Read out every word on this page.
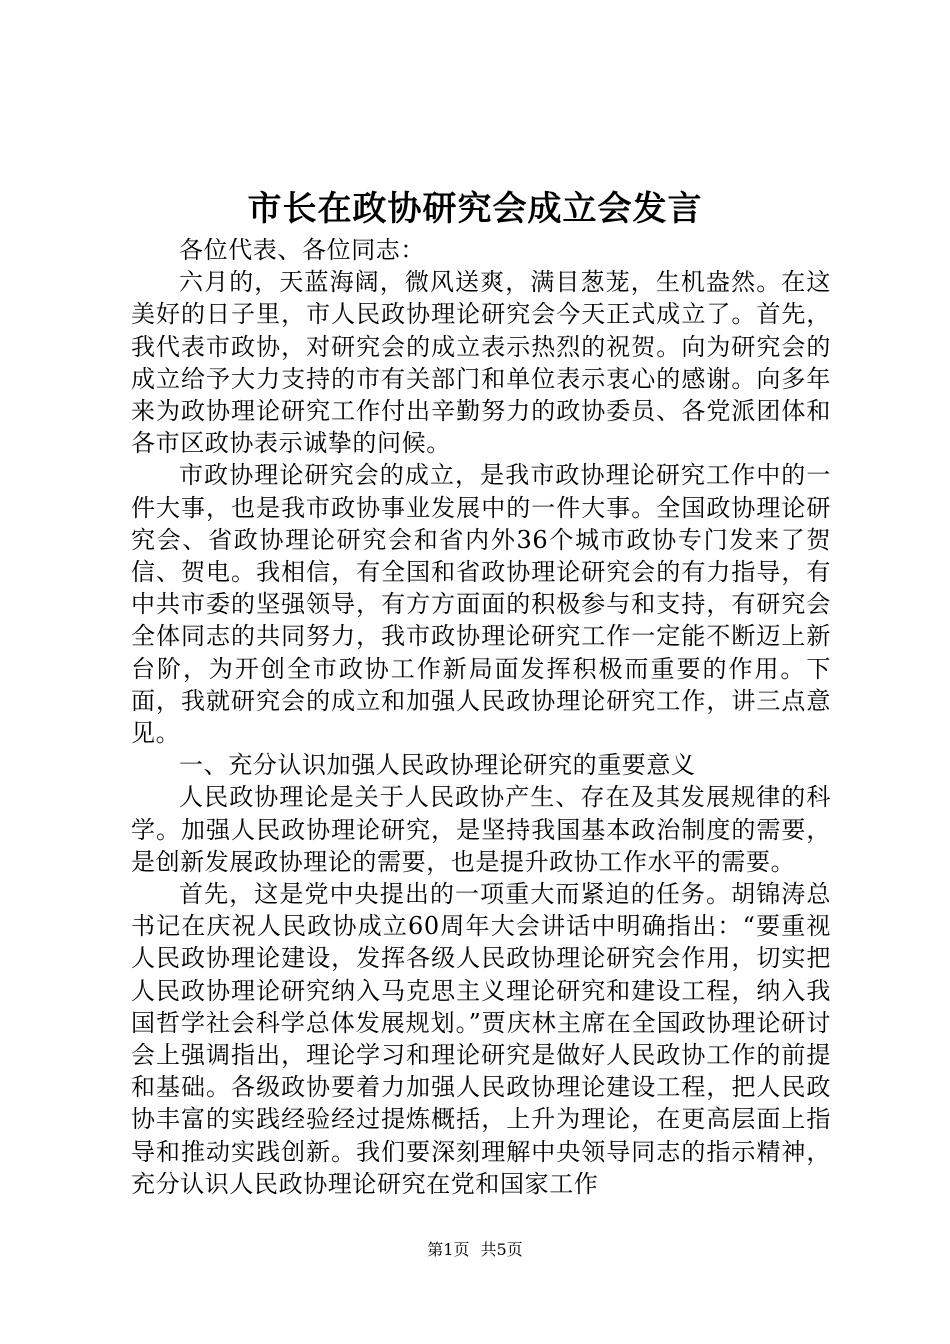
市长在政协研究会成立会发言

各位代表、各位同志：

六月的，天蓝海阔，微风送爽，满目葱茏，生机盎然。在这美好的日子里，市人民政协理论研究会今天正式成立了。首先，我代表市政协，对研究会的成立表示热烈的祝贺。向为研究会的成立给予大力支持的市有关部门和单位表示衷心的感谢。向多年来为政协理论研究工作付出辛勤努力的政协委员、各党派团体和各市区政协表示诚挚的问候。

市政协理论研究会的成立，是我市政协理论研究工作中的一件大事，也是我市政协事业发展中的一件大事。全国政协理论研究会、省政协理论研究会和省内外36个城市政协专门发来了贺信、贺电。我相信，有全国和省政协理论研究会的有力指导，有中共市委的坚强领导，有方方面面的积极参与和支持，有研究会全体同志的共同努力，我市政协理论研究工作一定能不断迈上新台阶，为开创全市政协工作新局面发挥积极而重要的作用。下面，我就研究会的成立和加强人民政协理论研究工作，讲三点意见。

一、充分认识加强人民政协理论研究的重要意义

人民政协理论是关于人民政协产生、存在及其发展规律的科学。加强人民政协理论研究，是坚持我国基本政治制度的需要，是创新发展政协理论的需要，也是提升政协工作水平的需要。

首先，这是党中央提出的一项重大而紧迫的任务。胡锦涛总书记在庆祝人民政协成立60周年大会讲话中明确指出：“要重视人民政协理论建设，发挥各级人民政协理论研究会作用，切实把人民政协理论研究纳入马克思主义理论研究和建设工程，纳入我国哲学社会科学总体发展规划。”贾庆林主席在全国政协理论研讨会上强调指出，理论学习和理论研究是做好人民政协工作的前提和基础。各级政协要着力加强人民政协理论建设工程，把人民政协丰富的实践经验经过提炼概括，上升为理论，在更高层面上指导和推动实践创新。我们要深刻理解中央领导同志的指示精神，充分认识人民政协理论研究在党和国家工作

第1页 共5页
